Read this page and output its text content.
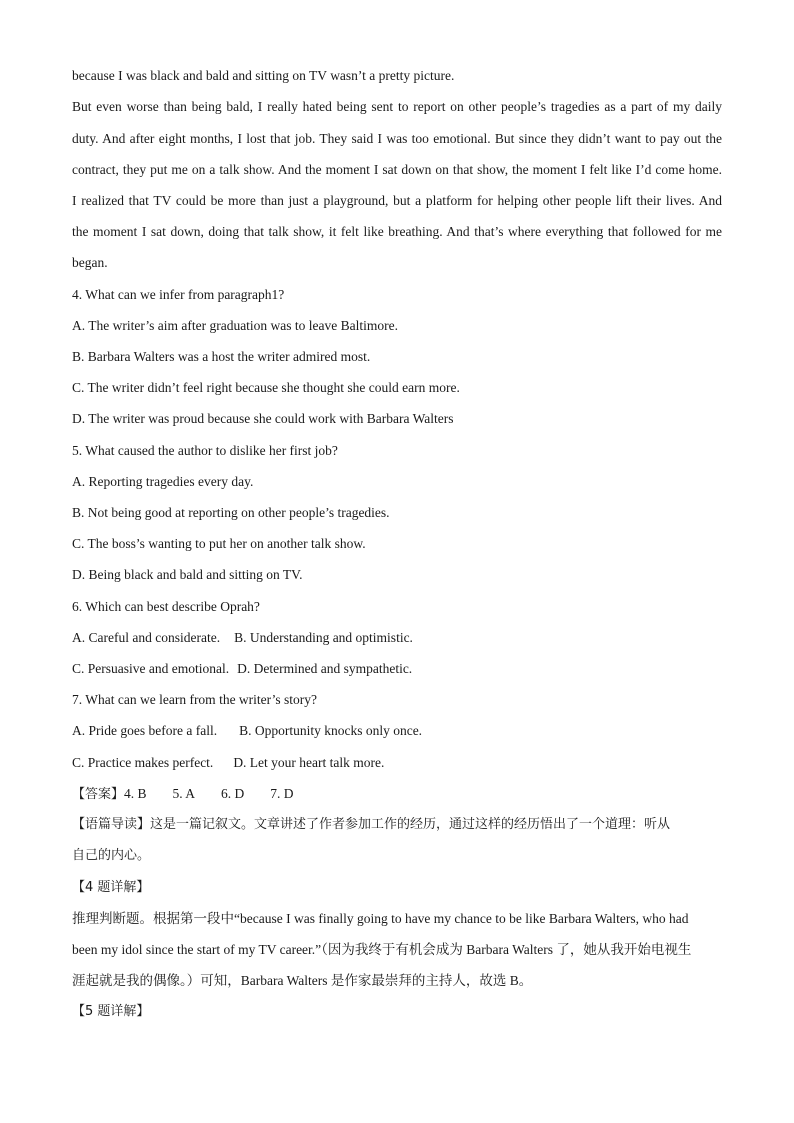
because I was black and bald and sitting on TV wasn’t a pretty picture.
But even worse than being bald, I really hated being sent to report on other people’s tragedies as a part of my daily
duty. And after eight months, I lost that job. They said I was too emotional. But since they didn’t want to pay out the
contract, they put me on a talk show. And the moment I sat down on that show, the moment I felt like I’d come home.
I realized that TV could be more than just a playground, but a platform for helping other people lift their lives. And
the moment I sat down, doing that talk show, it felt like breathing. And that’s where everything that followed for me
began.
4. What can we infer from paragraph1?
A. The writer’s aim after graduation was to leave Baltimore.
B. Barbara Walters was a host the writer admired most.
C. The writer didn’t feel right because she thought she could earn more.
D. The writer was proud because she could work with Barbara Walters
5. What caused the author to dislike her first job?
A. Reporting tragedies every day.
B. Not being good at reporting on other people’s tragedies.
C. The boss’s wanting to put her on another talk show.
D. Being black and bald and sitting on TV.
6. Which can best describe Oprah?
A. Careful and considerate. B. Understanding and optimistic.
C. Persuasive and emotional. D. Determined and sympathetic.
7. What can we learn from the writer’s story?
A. Pride goes before a fall. B. Opportunity knocks only once.
C. Practice makes perfect. D. Let your heart talk more.
【答案】4. B 5. A 6. D 7. D
【语篇导读】这是一篇记叙文。文章讲述了作者参加工作的经历，通过这样的经历悟出了一个道理：听从
自己的内心。
【4 题详解】
推理判断题。根据第一段中“because I was finally going to have my chance to be like Barbara Walters, who had
been my idol since the start of my TV career.”（因为我终于有机会成为 Barbara Walters 了，她从我开始电视生
涯起就是我的偶像。）可知，Barbara Walters 是作家最崇拜的主持人，故选 B。
【5 题详解】
